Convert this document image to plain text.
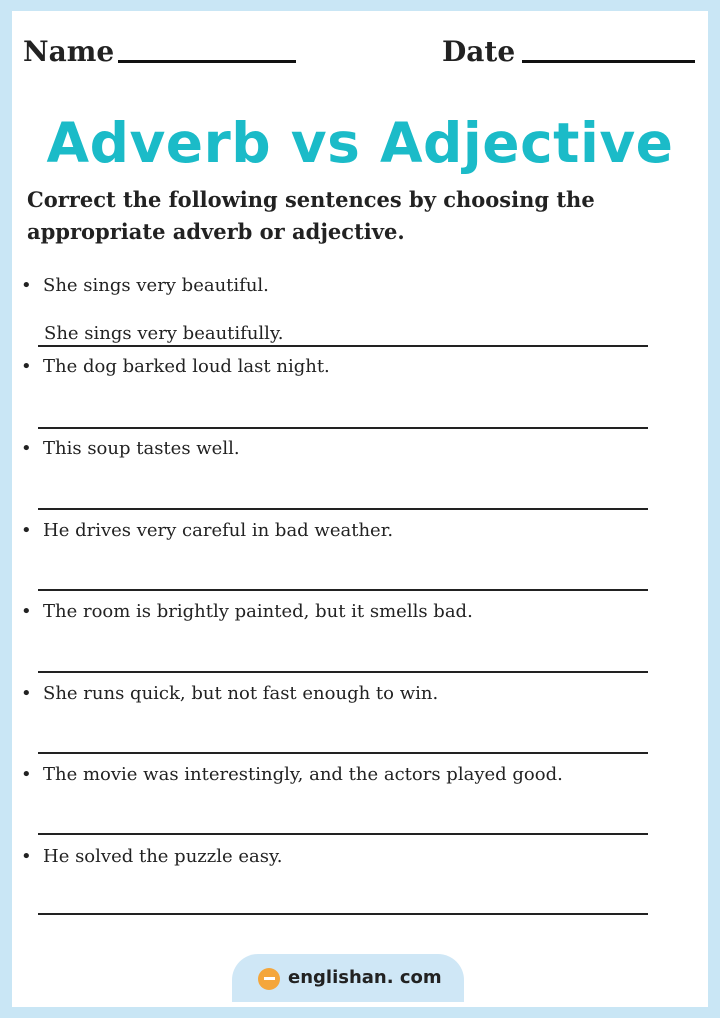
Name	Date
Adverb vs Adjective
Correct the following sentences by choosing the appropriate adverb or adjective.
• She sings very beautiful.
She sings very beautifully.
• The dog barked loud last night.
• This soup tastes well.
• He drives very careful in bad weather.
• The room is brightly painted, but it smells bad.
• She runs quick, but not fast enough to win.
• The movie was interestingly, and the actors played good.
• He solved the puzzle easy.
englishan. com
